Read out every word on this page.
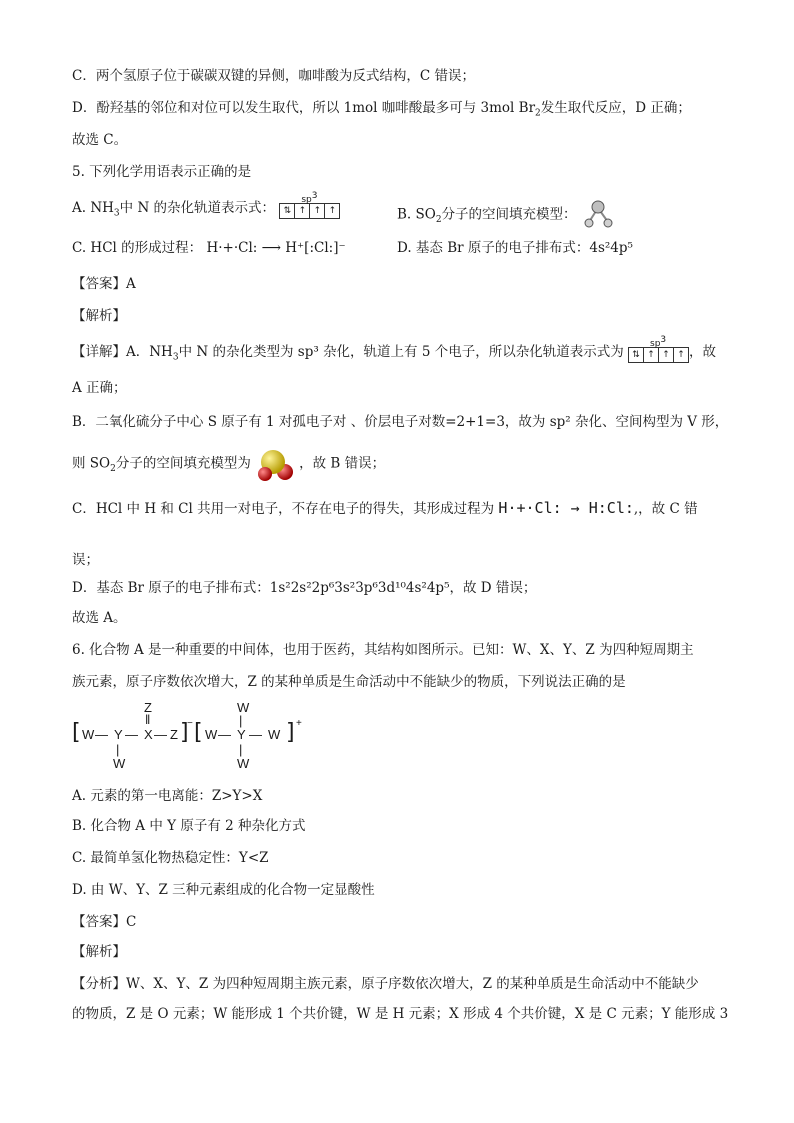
C．两个氢原子位于碳碳双键的异侧，咖啡酸为反式结构，C 错误；
D．酚羟基的邻位和对位可以发生取代，所以 1mol 咖啡酸最多可与 3mol $Br_2$发生取代反应，D 正确；
故选 C。
5. 下列化学用语表示正确的是
A. $NH_3$中 N 的杂化轨道表示式：
$sp^3$
⇅ ↑ ↑ ↑	B. $SO_2$分子的空间填充模型：
C. HCl 的形成过程： H·+·Cl: ⟶ H⁺[:Cl:]⁻	D. 基态 Br 原子的电子排布式：4s²4p⁵
【答案】A
【解析】
【详解】A．$NH_3$中 N 的杂化类型为 sp³ 杂化，轨道上有 5 个电子，所以杂化轨道表示式为
$sp^3$
⇅ ↑ ↑ ↑ ，故
A 正确；
B．二氧化硫分子中心 S 原子有 1 对孤电子对 、价层电子对数=2+1=3，故为 sp² 杂化、空间构型为 V 形，
则 $SO_2$分子的空间填充模型为	，故 B 错误；
C．HCl 中 H 和 Cl 共用一对电子，不存在电子的得失，其形成过程为 H·+·Cl: → H:Cl:,，故 C 错
误；
D．基态 Br 原子的电子排布式：1s²2s²2p⁶3s²3p⁶3d¹⁰4s²4p⁵，故 D 错误；
故选 A。
6. 化合物 A 是一种重要的中间体，也用于医药，其结构如图所示。已知：W、X、Y、Z 为四种短周期主
族元素，原子序数依次增大，Z 的某种单质是生命活动中不能缺少的物质，下列说法正确的是
[ W — Y
|
W
— X
‖
Z
— Z ]
− [ W — Y
W
|
|
W
— W ] +
A. 元素的第一电离能：Z>Y>X
B. 化合物 A 中 Y 原子有 2 种杂化方式
C. 最简单氢化物热稳定性：Y<Z
D. 由 W、Y、Z 三种元素组成的化合物一定显酸性
【答案】C
【解析】
【分析】W、X、Y、Z 为四种短周期主族元素，原子序数依次增大，Z 的某种单质是生命活动中不能缺少
的物质，Z 是 O 元素；W 能形成 1 个共价键，W 是 H 元素；X 形成 4 个共价键，X 是 C 元素；Y 能形成 3
